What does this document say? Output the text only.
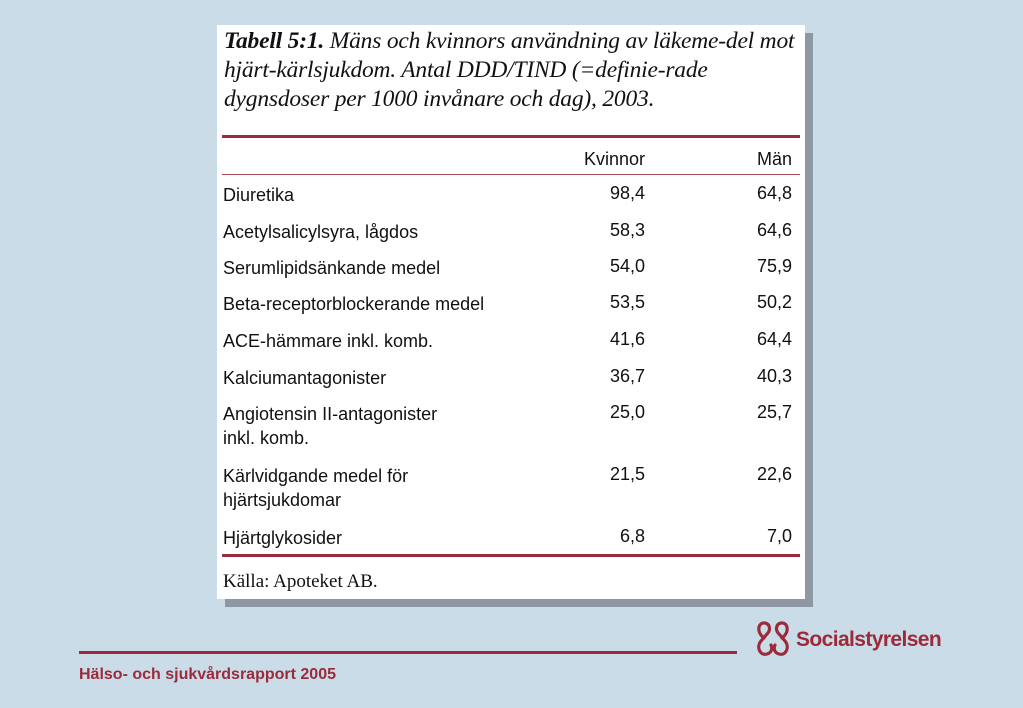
Tabell 5:1. Mäns och kvinnors användning av läkeme-del mot hjärt-kärlsjukdom. Antal DDD/TIND (=definie-rade dygnsdoser per 1000 invånare och dag), 2003.
Kvinnor	Män
Diuretika	98,4	64,8
Acetylsalicylsyra, lågdos	58,3	64,6
Serumlipidsänkande medel	54,0	75,9
Beta-receptorblockerande medel	53,5	50,2
ACE-hämmare inkl. komb.	41,6	64,4
Kalciumantagonister	36,7	40,3
Angiotensin II-antagonister
inkl. komb.
25,0	25,7
Kärlvidgande medel för
hjärtsjukdomar
21,5	22,6
Hjärtglykosider	6,8	7,0
Källa: Apoteket AB.
Socialstyrelsen
Hälso- och sjukvårdsrapport 2005
